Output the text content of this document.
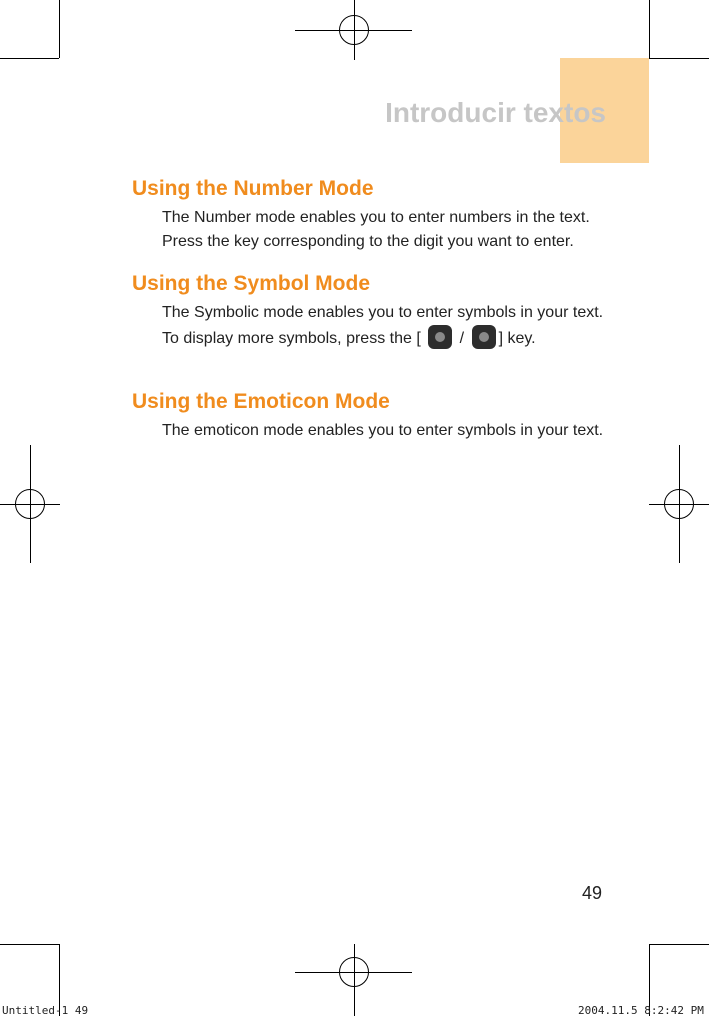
Introducir textos
Using the Number Mode

The Number mode enables you to enter numbers in the text.

Press the key corresponding to the digit you want to enter.

Using the Symbol Mode

The Symbolic mode enables you to enter symbols in your text.

To display more symbols, press the [ / ] key.

Using the Emoticon Mode

The emoticon mode enables you to enter symbols in your text.

49
Untitled-1 49	2004.11.5 8:2:42 PM
